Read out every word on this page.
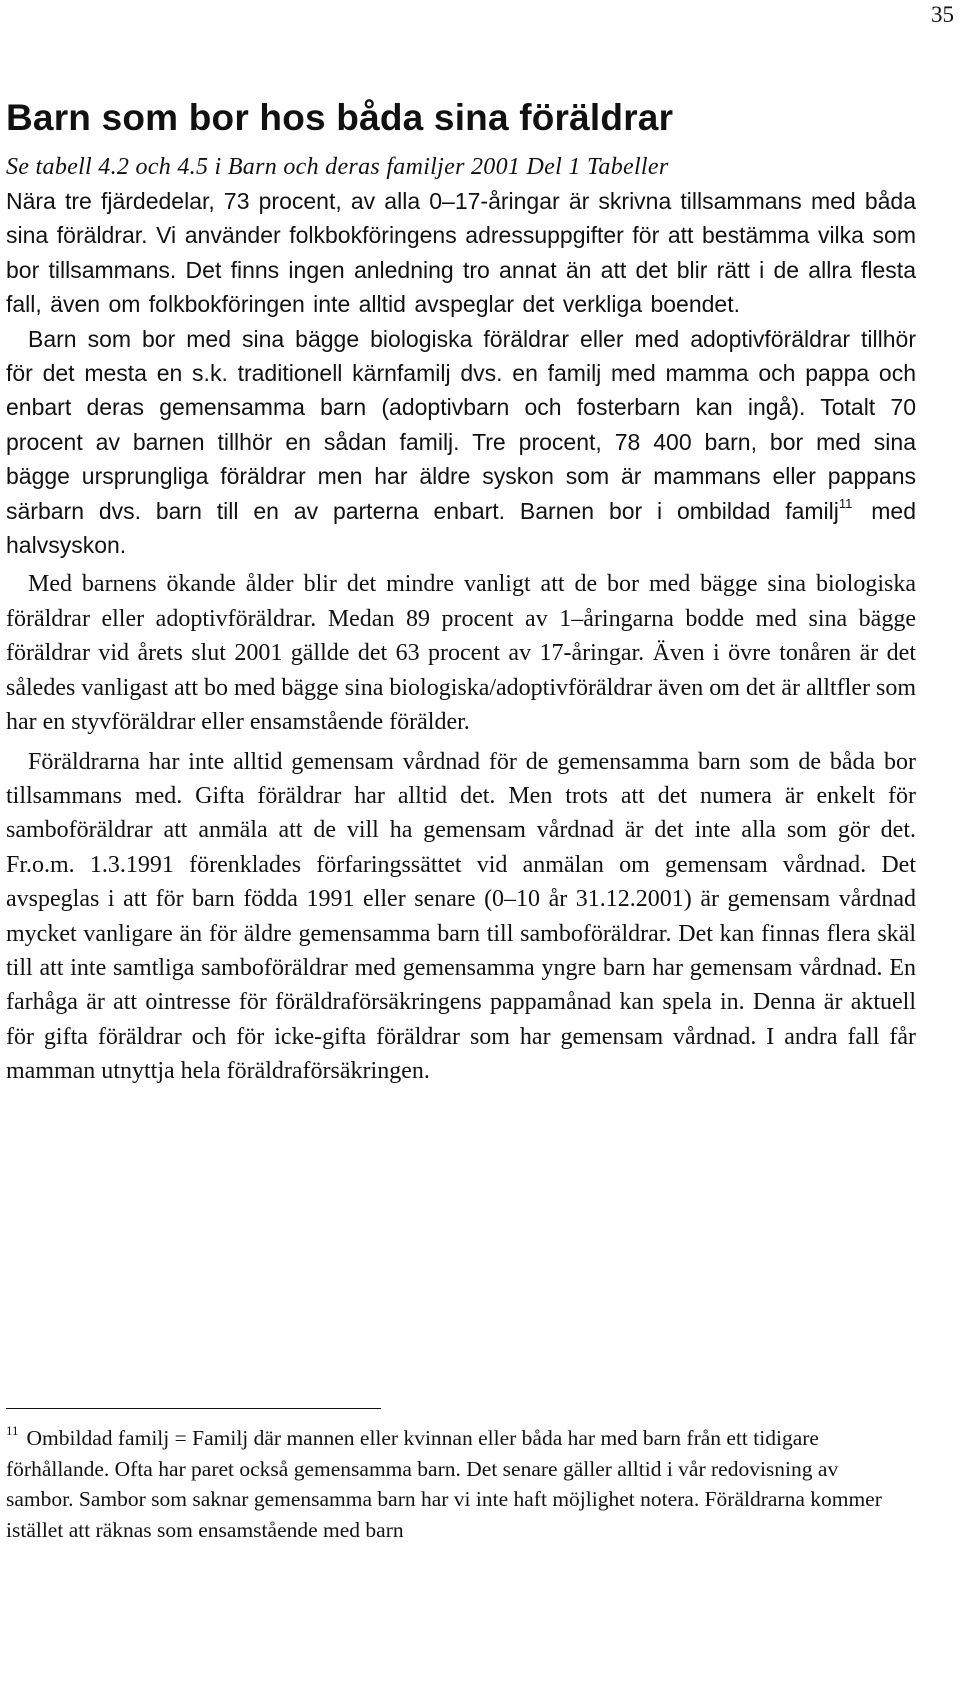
35
Barn som bor hos båda sina föräldrar

Se tabell 4.2 och 4.5 i Barn och deras familjer 2001 Del 1 Tabeller

Nära tre fjärdedelar, 73 procent, av alla 0–17-åringar är skrivna tillsammans med båda sina föräldrar. Vi använder folkbokföringens adressuppgifter för att bestämma vilka som bor tillsammans. Det finns ingen anledning tro annat än att det blir rätt i de allra flesta fall, även om folkbokföringen inte alltid avspeglar det verkliga boendet.

Barn som bor med sina bägge biologiska föräldrar eller med adoptivföräldrar tillhör för det mesta en s.k. traditionell kärnfamilj dvs. en familj med mamma och pappa och enbart deras gemensamma barn (adoptivbarn och fosterbarn kan ingå). Totalt 70 procent av barnen tillhör en sådan familj. Tre procent, 78 400 barn, bor med sina bägge ursprungliga föräldrar men har äldre syskon som är mammans eller pappans särbarn dvs. barn till en av parterna enbart. Barnen bor i ombildad familj$^{11}$ med halvsyskon.

Med barnens ökande ålder blir det mindre vanligt att de bor med bägge sina biologiska föräldrar eller adoptivföräldrar. Medan 89 procent av 1–åringarna bodde med sina bägge föräldrar vid årets slut 2001 gällde det 63 procent av 17-åringar. Även i övre tonåren är det således vanligast att bo med bägge sina biologiska/adoptivföräldrar även om det är alltfler som har en styvföräldrar eller ensamstående förälder.

Föräldrarna har inte alltid gemensam vårdnad för de gemensamma barn som de båda bor tillsammans med. Gifta föräldrar har alltid det. Men trots att det numera är enkelt för samboföräldrar att anmäla att de vill ha gemensam vårdnad är det inte alla som gör det. Fr.o.m. 1.3.1991 förenklades förfaringssättet vid anmälan om gemensam vårdnad. Det avspeglas i att för barn födda 1991 eller senare (0–10 år 31.12.2001) är gemensam vårdnad mycket vanligare än för äldre gemensamma barn till samboföräldrar. Det kan finnas flera skäl till att inte samtliga samboföräldrar med gemensamma yngre barn har gemensam vårdnad. En farhåga är att ointresse för föräldraförsäkringens pappamånad kan spela in. Denna är aktuell för gifta föräldrar och för icke-gifta föräldrar som har gemensam vårdnad. I andra fall får mamman utnyttja hela föräldraförsäkringen.

$^{11}$ Ombildad familj = Familj där mannen eller kvinnan eller båda har med barn från ett tidigare förhållande. Ofta har paret också gemensamma barn. Det senare gäller alltid i vår redovisning av sambor. Sambor som saknar gemensamma barn har vi inte haft möjlighet notera. Föräldrarna kommer istället att räknas som ensamstående med barn
